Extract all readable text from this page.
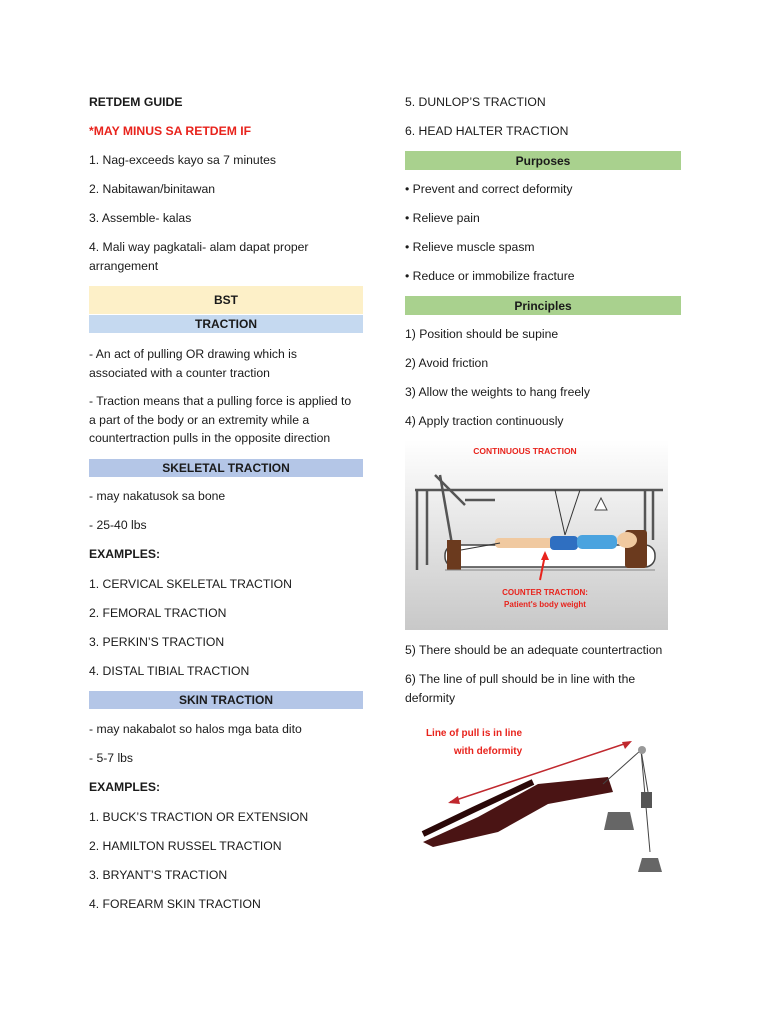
RETDEM GUIDE
*MAY MINUS SA RETDEM IF
1. Nag-exceeds kayo sa 7 minutes
2. Nabitawan/binitawan
3. Assemble- kalas
4. Mali way pagkatali- alam dapat proper arrangement
BST
TRACTION
- An act of pulling OR drawing which is associated with a counter traction
- Traction means that a pulling force is applied to a part of the body or an extremity while a countertraction pulls in the opposite direction
SKELETAL TRACTION
- may nakatusok sa bone
- 25-40 lbs
EXAMPLES:
1. CERVICAL SKELETAL TRACTION
2. FEMORAL TRACTION
3. PERKIN’S TRACTION
4. DISTAL TIBIAL TRACTION
SKIN TRACTION
- may nakabalot so halos mga bata dito
- 5-7 lbs
EXAMPLES:
1. BUCK’S TRACTION OR EXTENSION
2. HAMILTON RUSSEL TRACTION
3. BRYANT’S TRACTION
4. FOREARM SKIN TRACTION
5. DUNLOP’S TRACTION
6. HEAD HALTER TRACTION
Purposes
• Prevent and correct deformity
• Relieve pain
• Relieve muscle spasm
• Reduce or immobilize fracture
Principles
1) Position should be supine
2) Avoid friction
3) Allow the weights to hang freely
4) Apply traction continuously
5) There should be an adequate countertraction
6) The line of pull should be in line with the deformity
CONTINUOUS TRACTION
COUNTER TRACTION:
Patient's body weight
Line of pull is in line
with deformity
